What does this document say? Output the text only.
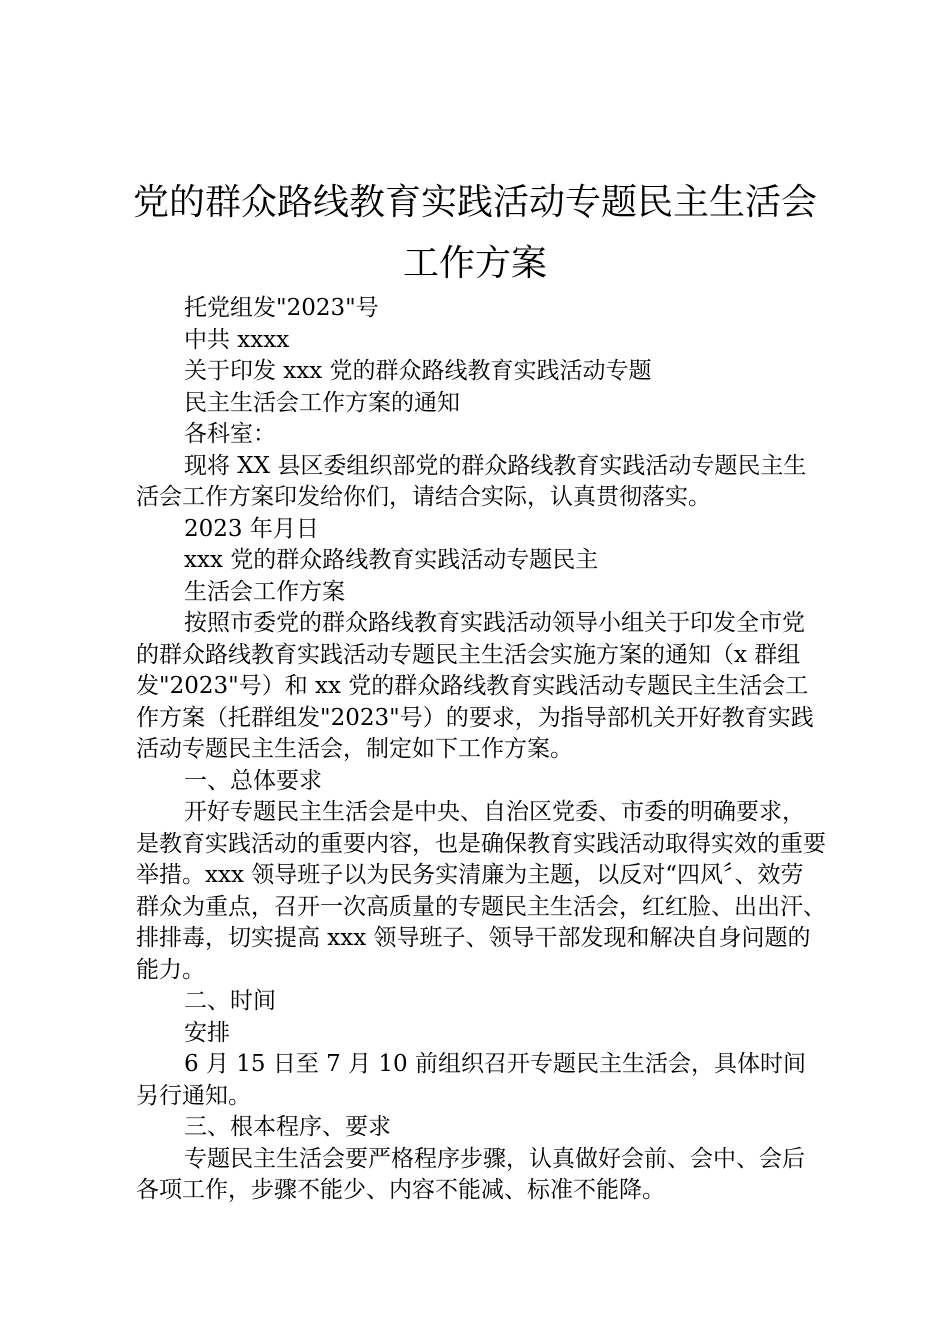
党的群众路线教育实践活动专题民主生活会
工作方案

托党组发"2023"号

中共 xxxx

关于印发 xxx 党的群众路线教育实践活动专题

民主生活会工作方案的通知

各科室：

现将 XX 县区委组织部党的群众路线教育实践活动专题民主生活会工作方案印发给你们，请结合实际，认真贯彻落实。

2023 年月日

xxx 党的群众路线教育实践活动专题民主

生活会工作方案

按照市委党的群众路线教育实践活动领导小组关于印发全市党的群众路线教育实践活动专题民主生活会实施方案的通知（x 群组发"2023"号）和 xx 党的群众路线教育实践活动专题民主生活会工作方案（托群组发"2023"号）的要求，为指导部机关开好教育实践活动专题民主生活会，制定如下工作方案。

一、总体要求

开好专题民主生活会是中央、自治区党委、市委的明确要求，是教育实践活动的重要内容，也是确保教育实践活动取得实效的重要举措。xxx 领导班子以为民务实清廉为主题，以反对“四风〞、效劳群众为重点，召开一次高质量的专题民主生活会，红红脸、出出汗、排排毒，切实提高 xxx 领导班子、领导干部发现和解决自身问题的能力。

二、时间

安排

6 月 15 日至 7 月 10 前组织召开专题民主生活会，具体时间另行通知。

三、根本程序、要求

专题民主生活会要严格程序步骤，认真做好会前、会中、会后各项工作，步骤不能少、内容不能减、标准不能降。
